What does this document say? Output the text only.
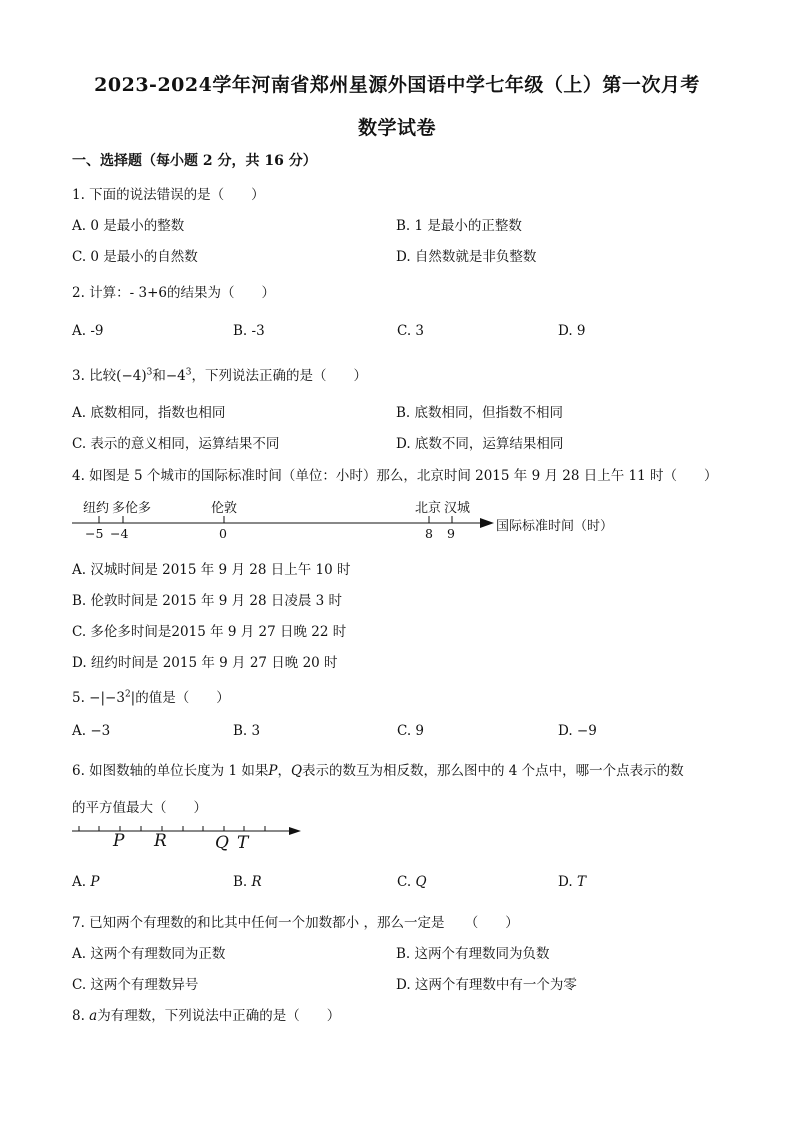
2023-2024学年河南省郑州星源外国语中学七年级（上）第一次月考
数学试卷
一、选择题（每小题 2 分，共 16 分）
1. 下面的说法错误的是（　　）
A. 0 是最小的整数	B. 1 是最小的正整数
C. 0 是最小的自然数	D. 自然数就是非负整数
2. 计算：- 3+6的结果为（　　）
A. -9	B. -3	C. 3	D. 9
3. 比较$(-4)^3$和$-4^3$，下列说法正确的是（　　）
A. 底数相同，指数也相同	B. 底数相同，但指数不相同
C. 表示的意义相同，运算结果不同	D. 底数不同，运算结果相同
4. 如图是 5 个城市的国际标准时间（单位：小时）那么，北京时间 2015 年 9 月 28 日上午 11 时（　　）
纽约 多伦多	伦敦	北京 汉城
−5 −4	0	8 9	国际标准时间（时）
A. 汉城时间是 2015 年 9 月 28 日上午 10 时
B. 伦敦时间是 2015 年 9 月 28 日凌晨 3 时
C. 多伦多时间是2015 年 9 月 27 日晚 22 时
D. 纽约时间是 2015 年 9 月 27 日晚 20 时
5. $-|-3^2|$的值是（　　）
A. −3	B. 3	C. 9	D. −9
6. 如图数轴的单位长度为 1 如果P，Q表示的数互为相反数，那么图中的 4 个点中，哪一个点表示的数
的平方值最大（　　）
P R	Q T
A. P	B. R	C. Q	D. T
7. 已知两个有理数的和比其中任何一个加数都小 ，那么一定是　　（　　）
A. 这两个有理数同为正数	B. 这两个有理数同为负数
C. 这两个有理数异号	D. 这两个有理数中有一个为零
8. a为有理数，下列说法中正确的是（　　）
